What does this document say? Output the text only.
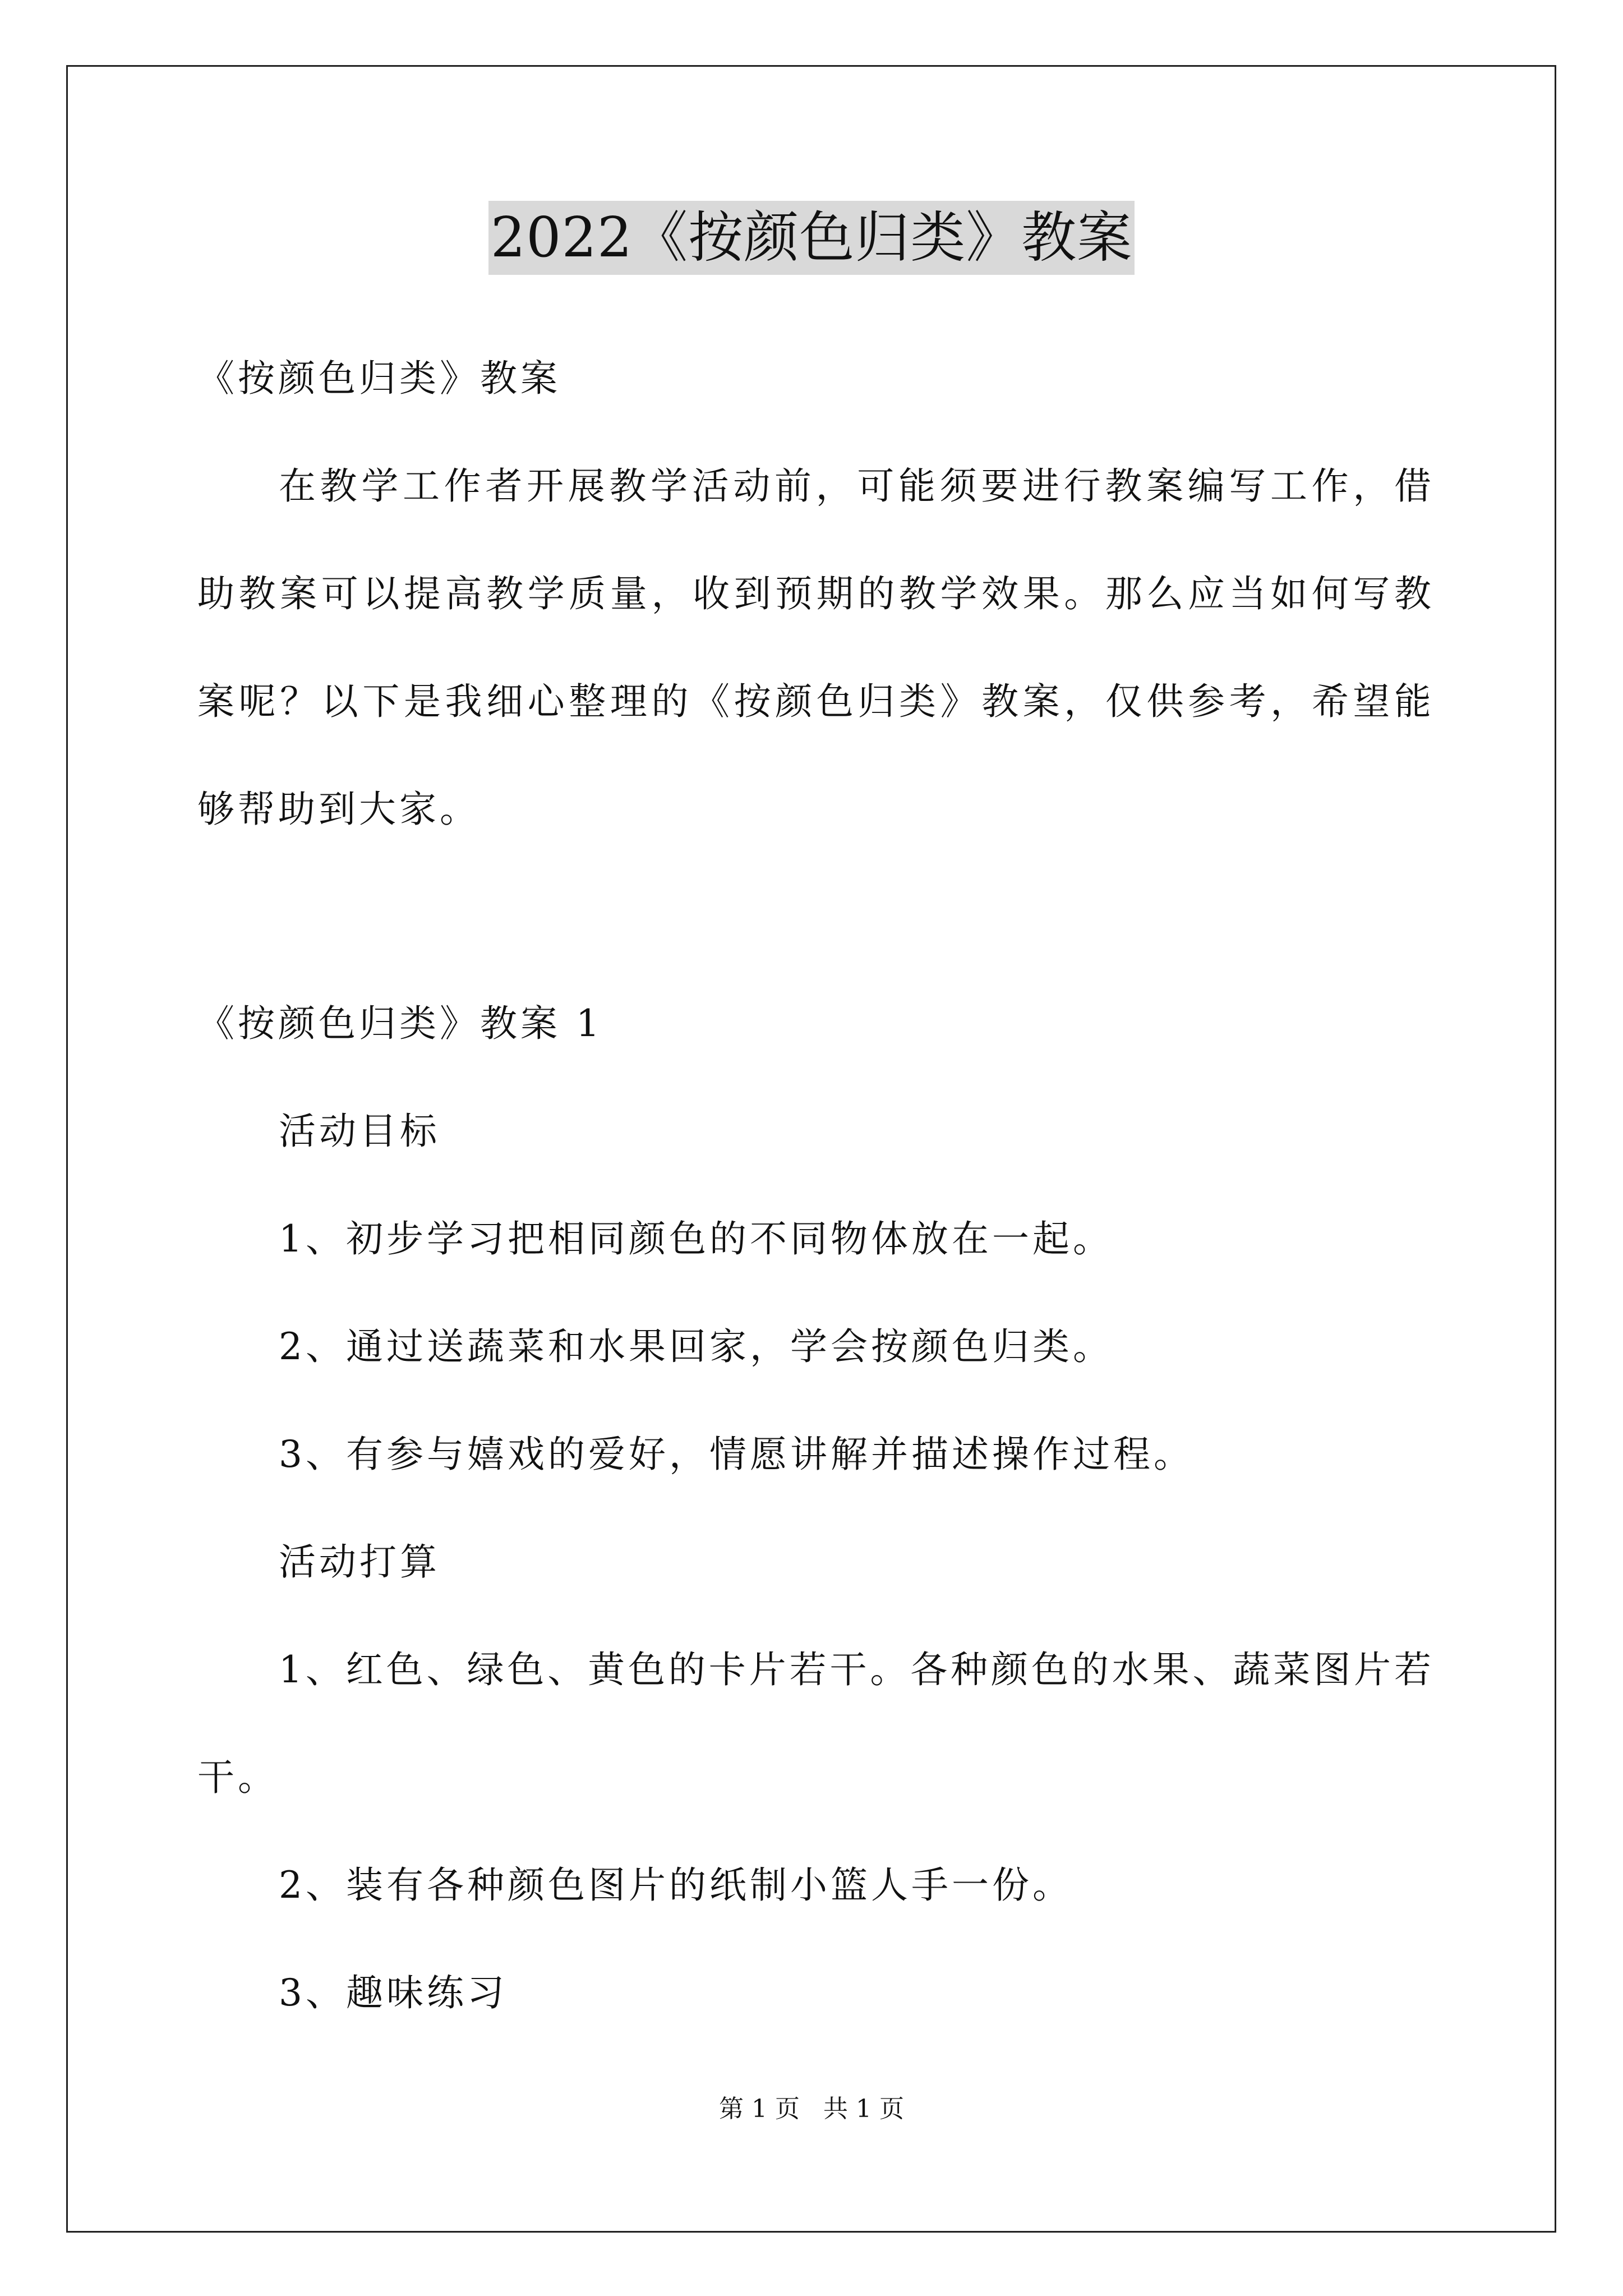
2022《按颜色归类》教案
《按颜色归类》教案
在教学工作者开展教学活动前，可能须要进行教案编写工作，借
助教案可以提高教学质量，收到预期的教学效果。那么应当如何写教
案呢？以下是我细心整理的《按颜色归类》教案，仅供参考，希望能
够帮助到大家。
《按颜色归类》教案 1
活动目标
1、初步学习把相同颜色的不同物体放在一起。
2、通过送蔬菜和水果回家，学会按颜色归类。
3、有参与嬉戏的爱好，情愿讲解并描述操作过程。
活动打算
1、红色、绿色、黄色的卡片若干。各种颜色的水果、蔬菜图片若
干。
2、装有各种颜色图片的纸制小篮人手一份。
3、趣味练习
第 1 页   共 1 页
